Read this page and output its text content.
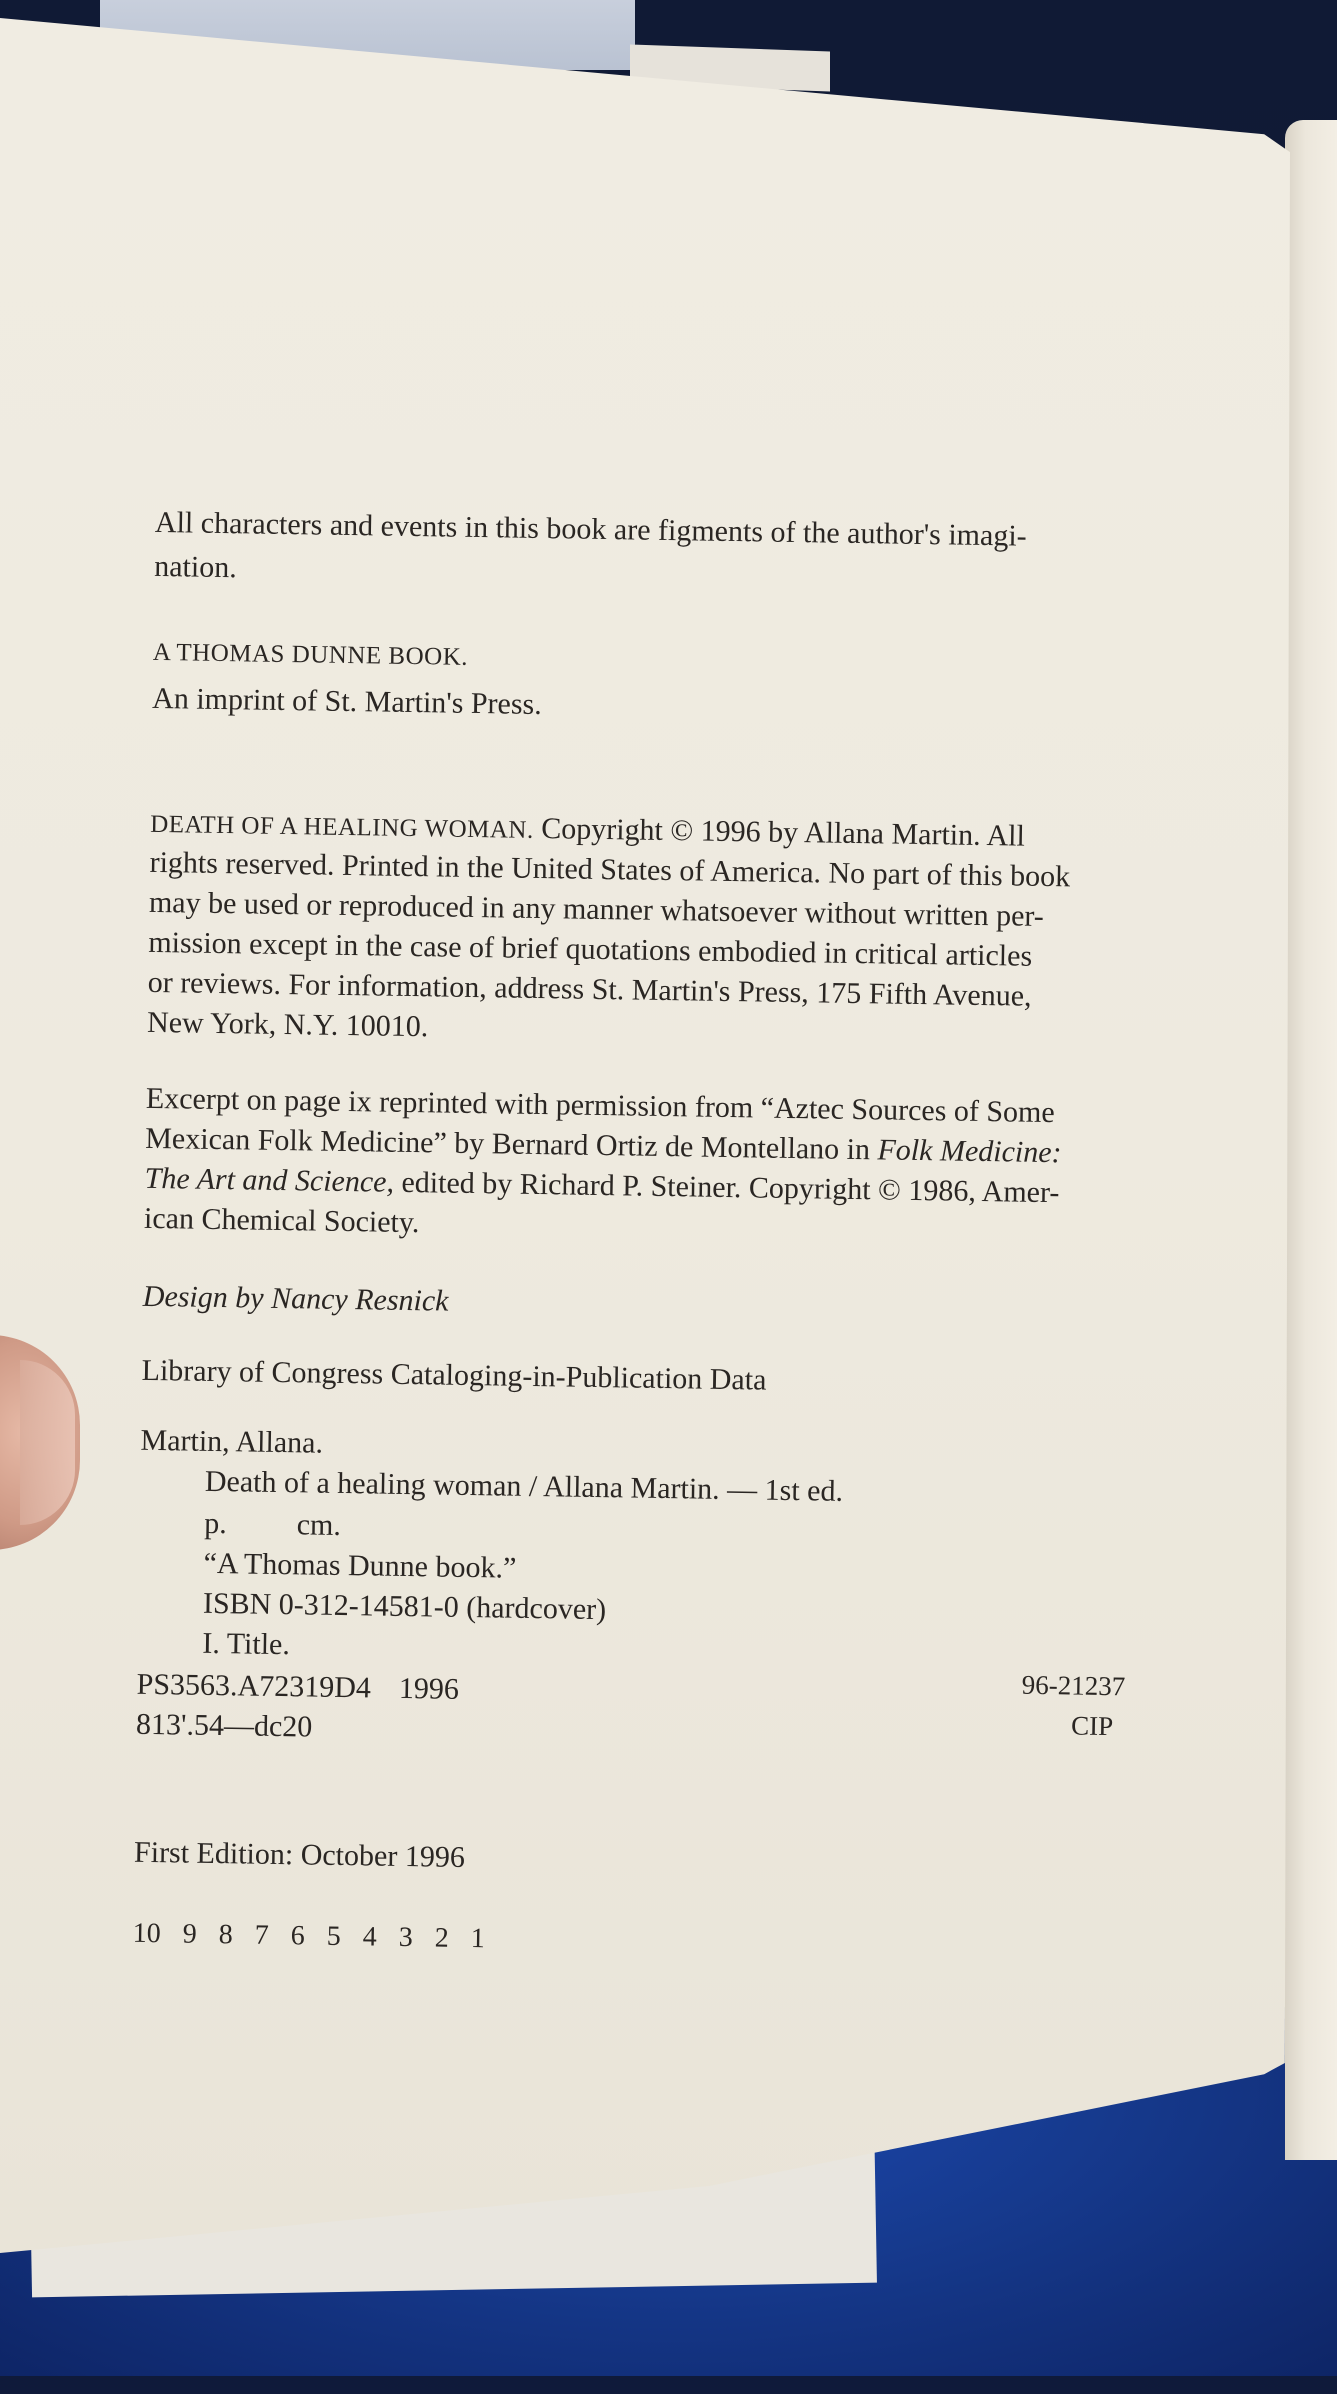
All characters and events in this book are figments of the author's imagi-
nation.
A THOMAS DUNNE BOOK.
An imprint of St. Martin's Press.
DEATH OF A HEALING WOMAN. Copyright © 1996 by Allana Martin. All
rights reserved. Printed in the United States of America. No part of this book
may be used or reproduced in any manner whatsoever without written per-
mission except in the case of brief quotations embodied in critical articles
or reviews. For information, address St. Martin's Press, 175 Fifth Avenue,
New York, N.Y. 10010.
Excerpt on page ix reprinted with permission from “Aztec Sources of Some
Mexican Folk Medicine” by Bernard Ortiz de Montellano in Folk Medicine:
The Art and Science, edited by Richard P. Steiner. Copyright © 1986, Amer-
ican Chemical Society.
Design by Nancy Resnick
Library of Congress Cataloging-in-Publication Data
Martin, Allana.
Death of a healing woman / Allana Martin. — 1st ed.
p. cm.
“A Thomas Dunne book.”
ISBN 0-312-14581-0 (hardcover)
I. Title.
PS3563.A72319D4 1996
813'.54—dc20
96-21237
CIP
First Edition: October 1996
10 9 8 7 6 5 4 3 2 1
